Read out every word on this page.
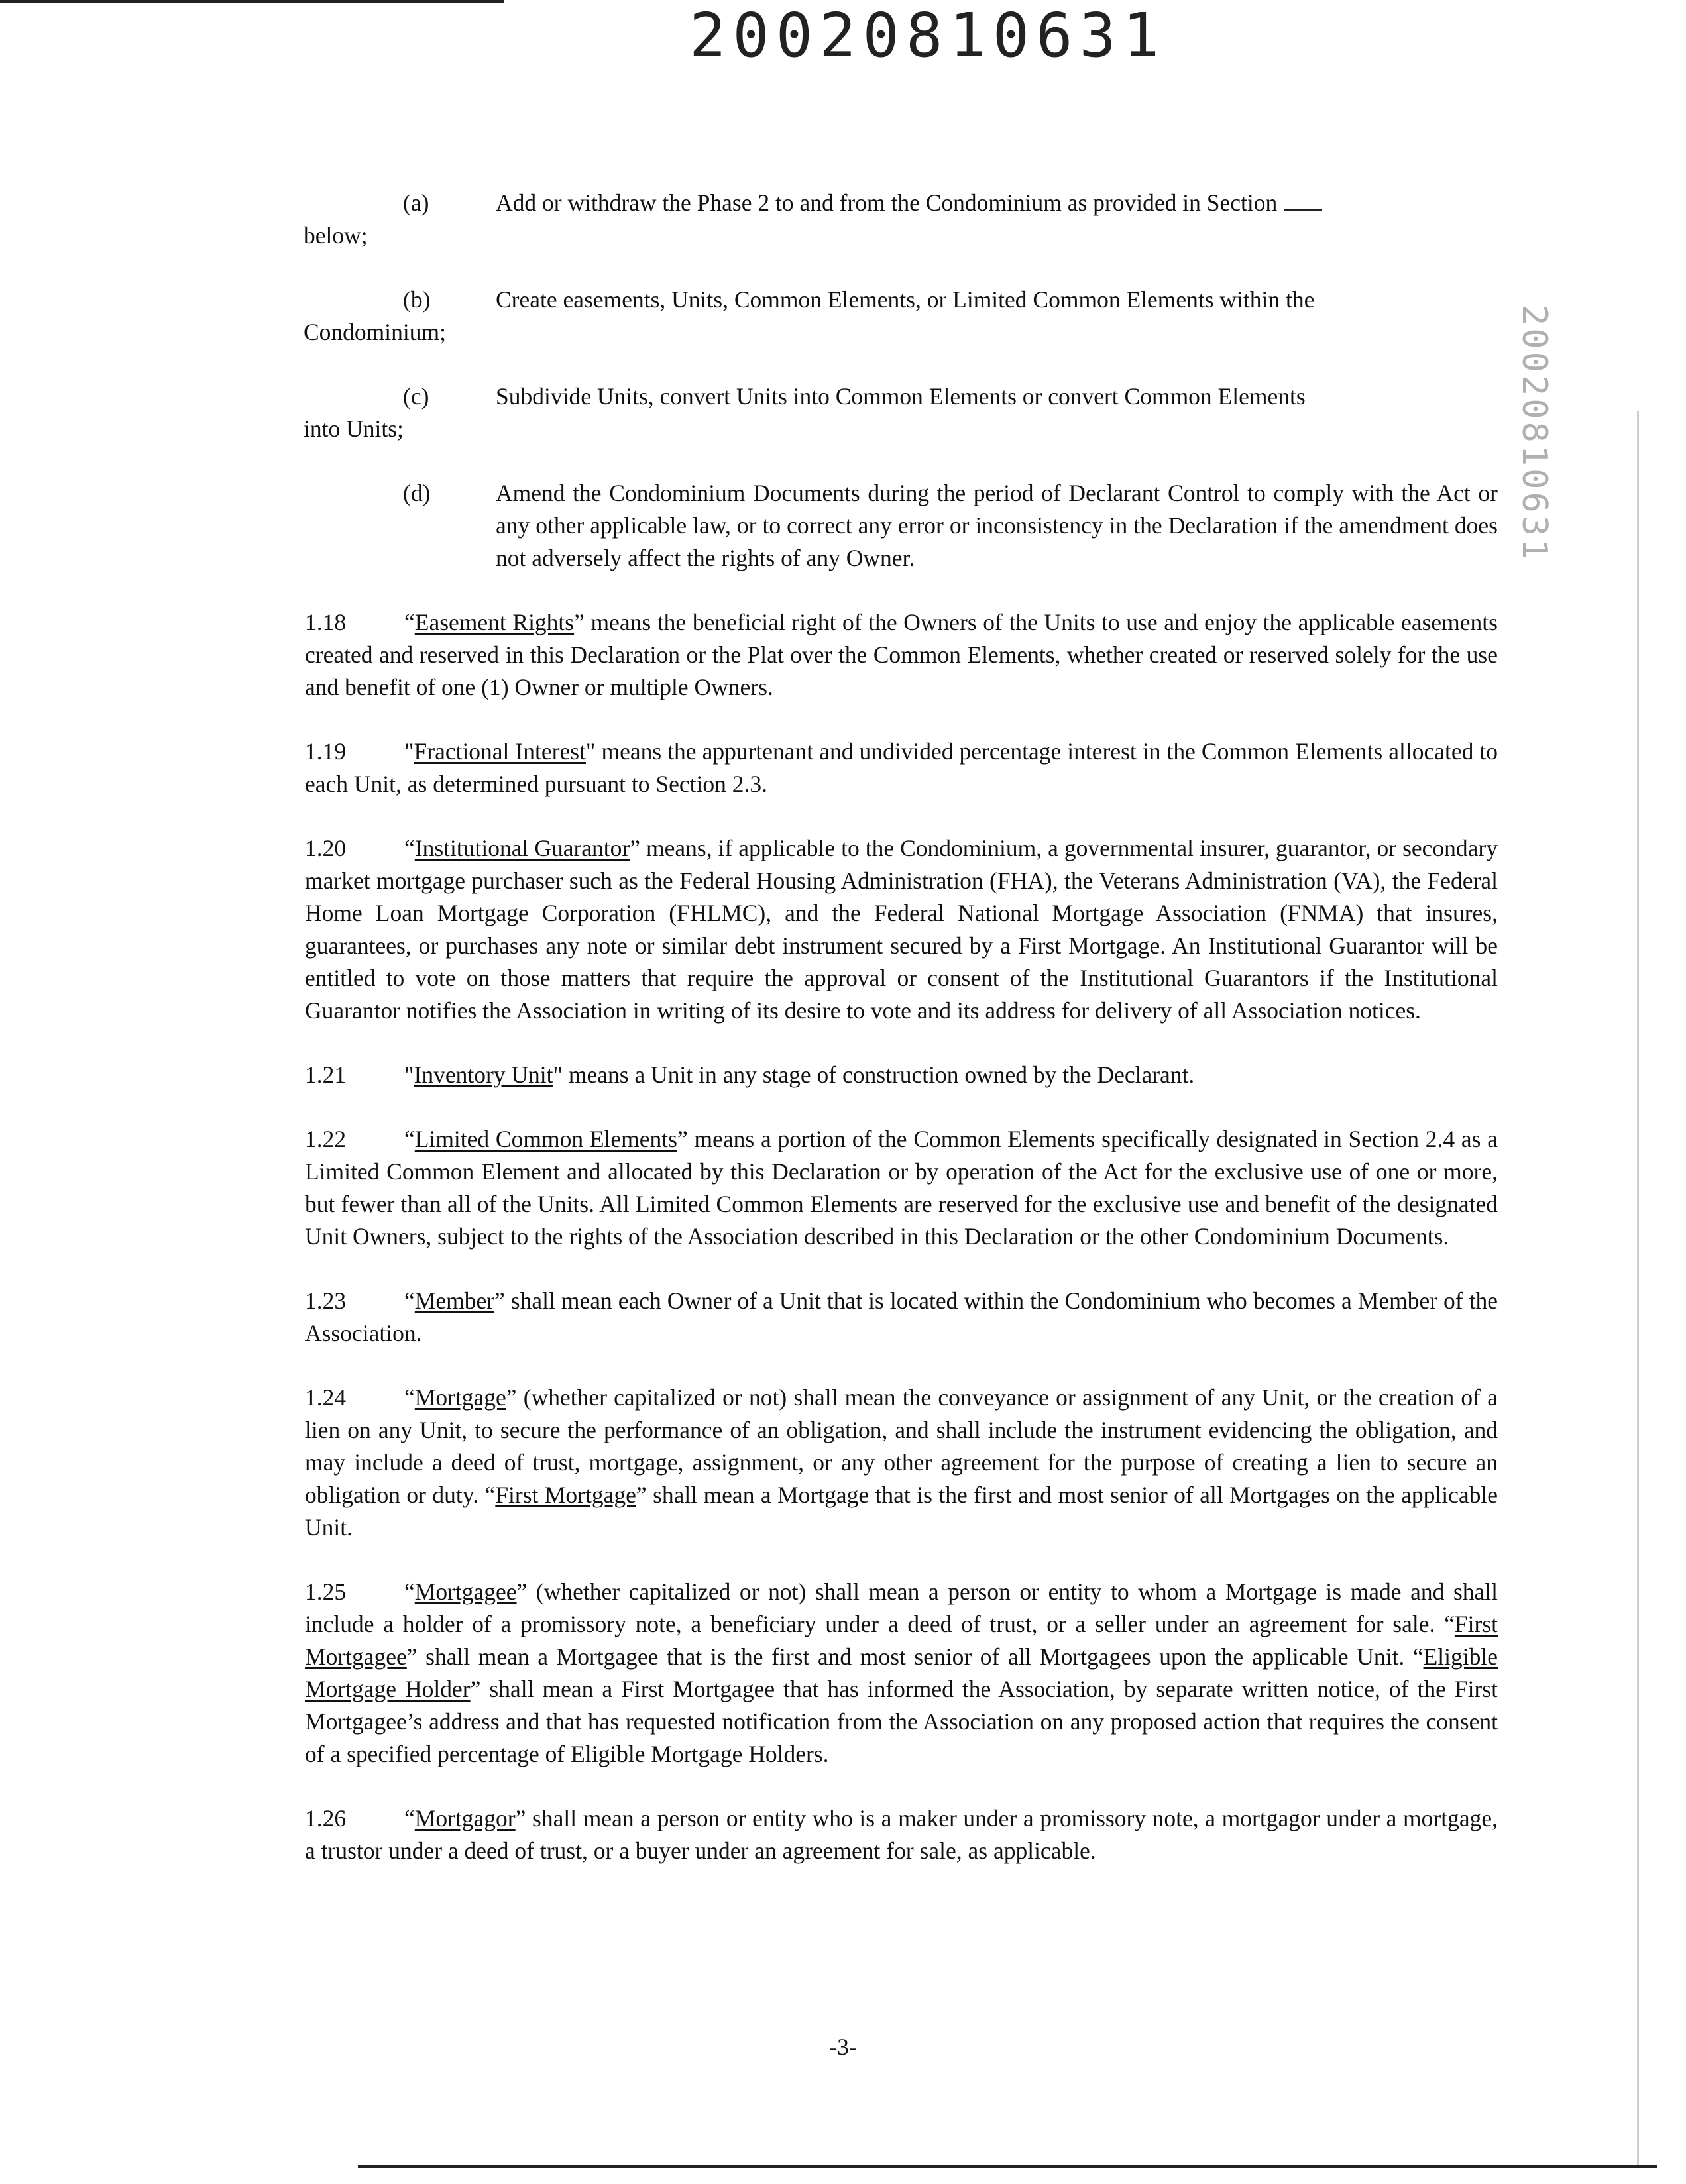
20020810631
20020810631
(a)	Add or withdraw the Phase 2 to and from the Condominium as provided in Section
below;
(b)	Create easements, Units, Common Elements, or Limited Common Elements within the
Condominium;
(c)	Subdivide Units, convert Units into Common Elements or convert Common Elements
into Units;
(d)	Amend the Condominium Documents during the period of Declarant Control to comply with the Act or any other applicable law, or to correct any error or inconsistency in the Declaration if the amendment does not adversely affect the rights of any Owner.
1.18 “Easement Rights” means the beneficial right of the Owners of the Units to use and enjoy the applicable easements created and reserved in this Declaration or the Plat over the Common Elements, whether created or reserved solely for the use and benefit of one (1) Owner or multiple Owners.
1.19 "Fractional Interest" means the appurtenant and undivided percentage interest in the Common Elements allocated to each Unit, as determined pursuant to Section 2.3.
1.20 “Institutional Guarantor” means, if applicable to the Condominium, a governmental insurer, guarantor, or secondary market mortgage purchaser such as the Federal Housing Administration (FHA), the Veterans Administration (VA), the Federal Home Loan Mortgage Corporation (FHLMC), and the Federal National Mortgage Association (FNMA) that insures, guarantees, or purchases any note or similar debt instrument secured by a First Mortgage. An Institutional Guarantor will be entitled to vote on those matters that require the approval or consent of the Institutional Guarantors if the Institutional Guarantor notifies the Association in writing of its desire to vote and its address for delivery of all Association notices.
1.21 "Inventory Unit" means a Unit in any stage of construction owned by the Declarant.
1.22 “Limited Common Elements” means a portion of the Common Elements specifically designated in Section 2.4 as a Limited Common Element and allocated by this Declaration or by operation of the Act for the exclusive use of one or more, but fewer than all of the Units. All Limited Common Elements are reserved for the exclusive use and benefit of the designated Unit Owners, subject to the rights of the Association described in this Declaration or the other Condominium Documents.
1.23 “Member” shall mean each Owner of a Unit that is located within the Condominium who becomes a Member of the Association.
1.24 “Mortgage” (whether capitalized or not) shall mean the conveyance or assignment of any Unit, or the creation of a lien on any Unit, to secure the performance of an obligation, and shall include the instrument evidencing the obligation, and may include a deed of trust, mortgage, assignment, or any other agreement for the purpose of creating a lien to secure an obligation or duty. “First Mortgage” shall mean a Mortgage that is the first and most senior of all Mortgages on the applicable Unit.
1.25 “Mortgagee” (whether capitalized or not) shall mean a person or entity to whom a Mortgage is made and shall include a holder of a promissory note, a beneficiary under a deed of trust, or a seller under an agreement for sale. “First Mortgagee” shall mean a Mortgagee that is the first and most senior of all Mortgagees upon the applicable Unit. “Eligible Mortgage Holder” shall mean a First Mortgagee that has informed the Association, by separate written notice, of the First Mortgagee’s address and that has requested notification from the Association on any proposed action that requires the consent of a specified percentage of Eligible Mortgage Holders.
1.26 “Mortgagor” shall mean a person or entity who is a maker under a promissory note, a mortgagor under a mortgage, a trustor under a deed of trust, or a buyer under an agreement for sale, as applicable.
-3-
